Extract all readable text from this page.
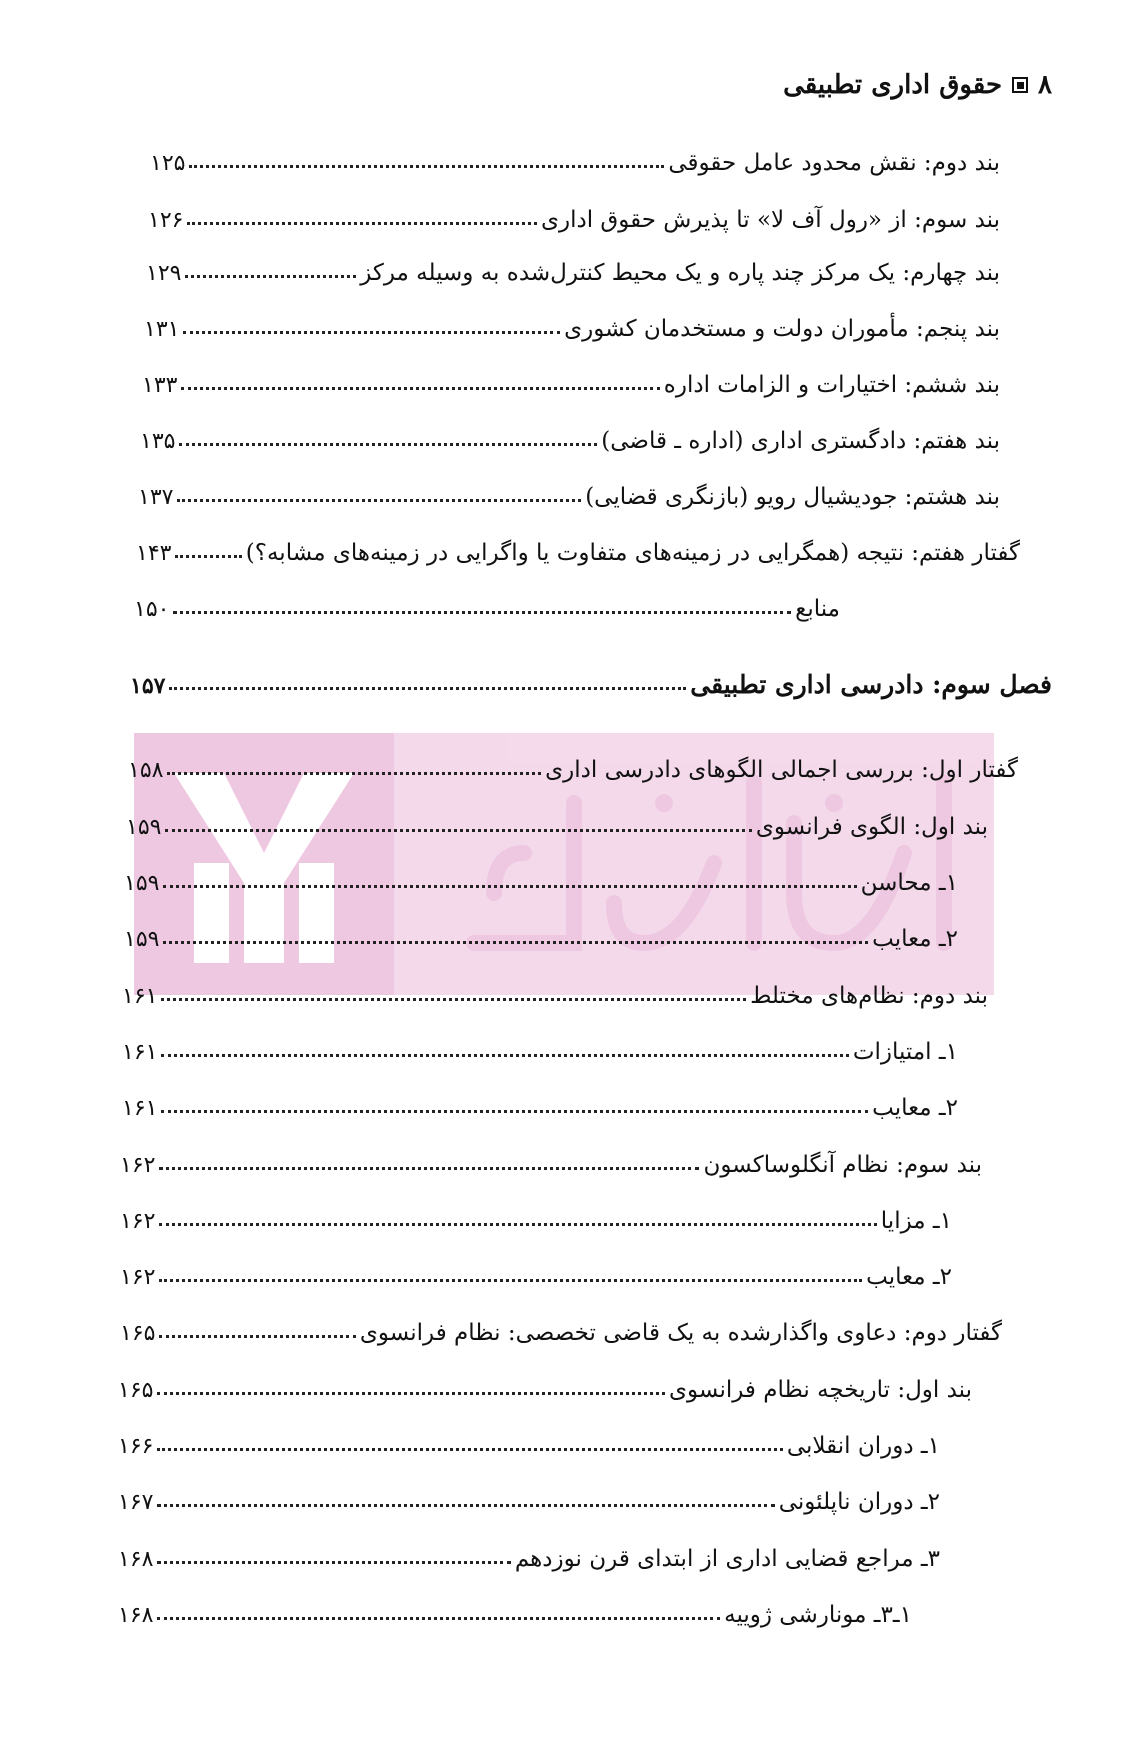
۸
حقوق اداری تطبیقی
بند دوم: نقش محدود عامل حقوقی
۱۲۵
بند سوم: از «رول آف لا» تا پذیرش حقوق اداری
۱۲۶
بند چهارم: یک مرکز چند پاره و یک محیط کنترل‌شده به وسیله مرکز
۱۲۹
بند پنجم: مأموران دولت و مستخدمان کشوری
۱۳۱
بند ششم: اختیارات و الزامات اداره
۱۳۳
بند هفتم: دادگستری اداری (اداره ـ قاضی)
۱۳۵
بند هشتم: جودیشیال رویو (بازنگری قضایی)
۱۳۷
گفتار هفتم: نتیجه (همگرایی در زمینه‌های متفاوت یا واگرایی در زمینه‌های مشابه؟)
۱۴۳
منابع
۱۵۰
فصل سوم: دادرسی اداری تطبیقی
۱۵۷
گفتار اول: بررسی اجمالی الگوهای دادرسی اداری
۱۵۸
بند اول: الگوی فرانسوی
۱۵۹
۱ـ محاسن
۱۵۹
۲ـ معایب
۱۵۹
بند دوم: نظام‌های مختلط
۱۶۱
۱ـ امتیازات
۱۶۱
۲ـ معایب
۱۶۱
بند سوم: نظام آنگلوساکسون
۱۶۲
۱ـ مزایا
۱۶۲
۲ـ معایب
۱۶۲
گفتار دوم: دعاوی واگذارشده به یک قاضی تخصصی: نظام فرانسوی
۱۶۵
بند اول: تاریخچه نظام فرانسوی
۱۶۵
۱ـ دوران انقلابی
۱۶۶
۲ـ دوران ناپلئونی
۱۶۷
۳ـ مراجع قضایی اداری از ابتدای قرن نوزدهم
۱۶۸
۱ـ۳ـ مونارشی ژوییه
۱۶۸
